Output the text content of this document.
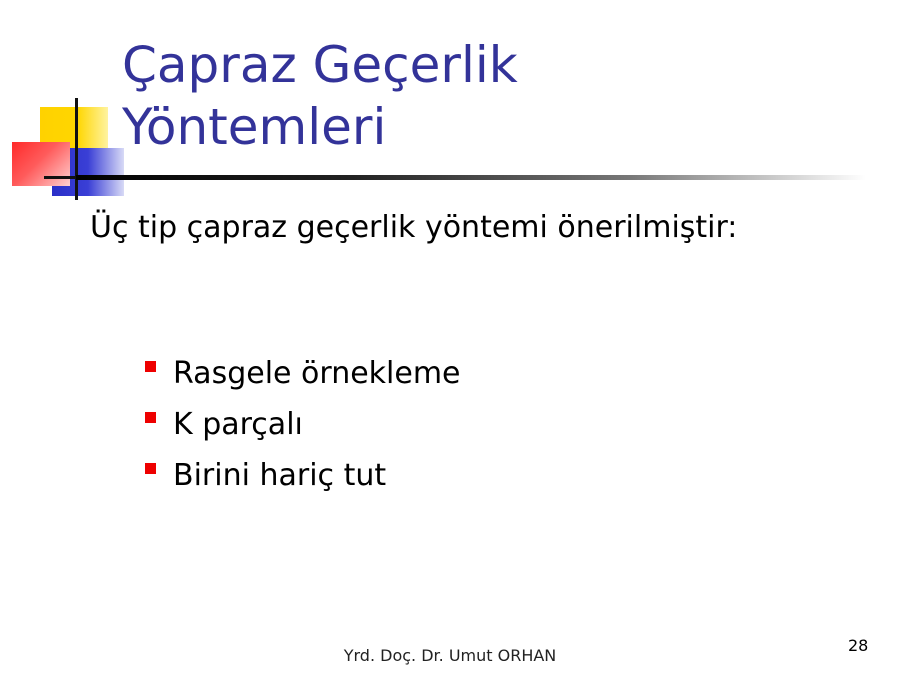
Çapraz Geçerlik Yöntemleri
Üç tip çapraz geçerlik yöntemi önerilmiştir:
Rasgele örnekleme
K parçalı
Birini hariç tut
Yrd. Doç. Dr. Umut ORHAN
28
